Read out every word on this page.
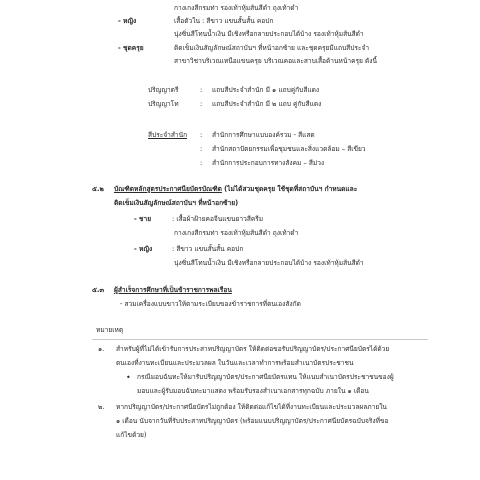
กางเกงสีกรมท่า รองเท้าหุ้มส้นสีดำ ถุงเท้าดำ
- หญิง	เสื้อตัวใน : สีขาว แขนสั้นสั้น คอปก
นุ่งซิ่นสีโทนน้ำเงิน มีเชิงหรือกลายประกอบได้บ้าง รองเท้าหุ้มส้นสีดำ
- ชุดครุย	ติดเข็มเงินสัญลักษณ์สถาบันฯ ที่หน้าอกซ้าย และชุดครุยมีแถบสีประจำ
สาขาวิชาบริเวณเหนือแขนครุย บริเวณคอและสาบเสื้อด้านหน้าครุย ดังนี้
ปริญญาตรี	: แถบสีประจำสำนัก มี ๑ แถบคู่กับสีแดง
ปริญญาโท	: แถบสีประจำสำนัก มี ๒ แถบ คู่กับสีแดง
สีประจำสำนัก : สำนักการศึกษาแบบองค์รวม - สีแสด
: สำนักสถาปัตยกรรมเพื่อชุมชนและสิ่งแวดล้อม – สีเขียว
: สำนักการประกอบการทางสังคม – สีม่วง
๕.๒ บัณฑิตหลักสูตรประกาศนียบัตรบัณฑิต (ไม่ได้สวมชุดครุย ใช้ชุดที่สถาบันฯ กำหนดและ
ติดเข็มเงินสัญลักษณ์สถาบันฯ ที่หน้าอกซ้าย)
- ชาย	: เสื้อผ้าฝ้ายคอจีนแขนยาวสีครีม
กางเกงสีกรมท่า รองเท้าหุ้มส้นสีดำ ถุงเท้าดำ
- หญิง	: สีขาว แขนสั้นสั้น คอปก
นุ่งซิ่นสีโทนน้ำเงิน มีเชิงหรือกลายประกอบได้บ้าง รองเท้าหุ้มส้นสีดำ
๕.๓ ผู้สำเร็จการศึกษาที่เป็นข้าราชการพลเรือน
- สวมเครื่องแบบขาวให้ตามระเบียบของข้าราชการที่ตนเองสังกัด
หมายเหตุ
๑. สำหรับผู้ที่ไม่ได้เข้ารับการประสาทปริญญาบัตร ให้ติดต่อขอรับปริญญาบัตร/ประกาศนียบัตรได้ด้วย
ตนเองที่งานทะเบียนและประมวลผล ในวันและเวลาทำการพร้อมสำเนาบัตรประชาชน
• กรณีมอบฉันทะให้มารับปริญญาบัตร/ประกาศนียบัตรแทน ให้แนบสำเนาบัตรประชาชนของผู้
มอบและผู้รับมอบฉันทะมาแสดง พร้อมรับรองสำเนาเอกสารทุกฉบับ ภายใน ๑ เดือน
๒. หากปริญญาบัตร/ประกาศนียบัตรไม่ถูกต้อง ให้ติดต่อแก้ไขได้ที่งานทะเบียนและประมวลผลภายใน
๑ เดือน นับจากวันที่รับประสาทปริญญาบัตร (พร้อมแนบปริญญาบัตร/ประกาศนียบัตรฉบับจริงที่ขอ
แก้ไขด้วย)
